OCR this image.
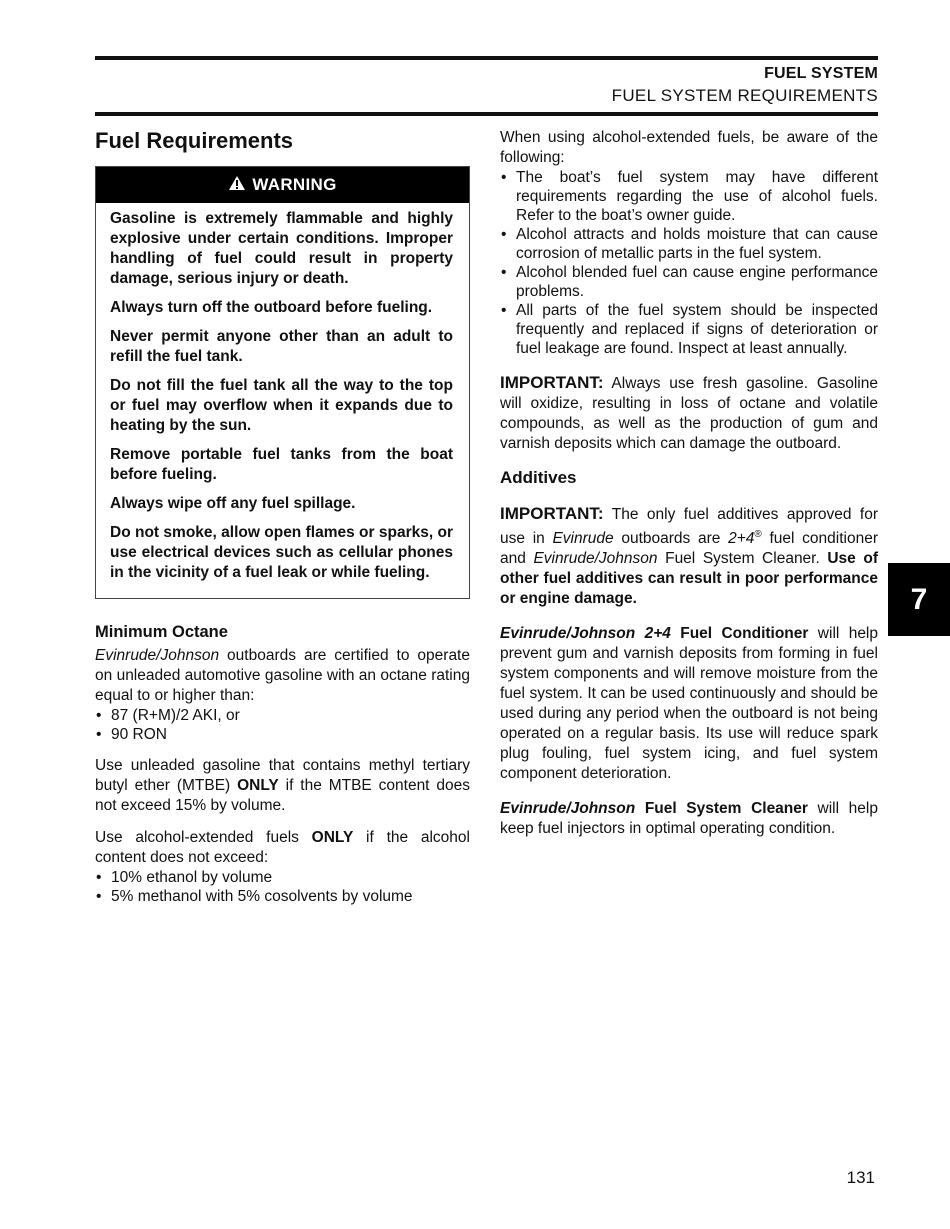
FUEL SYSTEM
FUEL SYSTEM REQUIREMENTS
Fuel Requirements
WARNING

Gasoline is extremely flammable and highly explosive under certain conditions. Improper handling of fuel could result in property damage, serious injury or death.

Always turn off the outboard before fueling.

Never permit anyone other than an adult to refill the fuel tank.

Do not fill the fuel tank all the way to the top or fuel may overflow when it expands due to heating by the sun.

Remove portable fuel tanks from the boat before fueling.

Always wipe off any fuel spillage.

Do not smoke, allow open flames or sparks, or use electrical devices such as cellular phones in the vicinity of a fuel leak or while fueling.

Minimum Octane

Evinrude/Johnson outboards are certified to operate on unleaded automotive gasoline with an octane rating equal to or higher than:

• 87 (R+M)/2 AKI, or
• 90 RON

Use unleaded gasoline that contains methyl tertiary butyl ether (MTBE) ONLY if the MTBE content does not exceed 15% by volume.

Use alcohol-extended fuels ONLY if the alcohol content does not exceed:

• 10% ethanol by volume
• 5% methanol with 5% cosolvents by volume

When using alcohol-extended fuels, be aware of the following:

• The boat’s fuel system may have different requirements regarding the use of alcohol fuels. Refer to the boat’s owner guide.
• Alcohol attracts and holds moisture that can cause corrosion of metallic parts in the fuel system.
• Alcohol blended fuel can cause engine performance problems.
• All parts of the fuel system should be inspected frequently and replaced if signs of deterioration or fuel leakage are found. Inspect at least annually.

IMPORTANT: Always use fresh gasoline. Gasoline will oxidize, resulting in loss of octane and volatile compounds, as well as the production of gum and varnish deposits which can damage the outboard.

Additives

IMPORTANT: The only fuel additives approved for use in Evinrude outboards are 2+4® fuel conditioner and Evinrude/Johnson Fuel System Cleaner. Use of other fuel additives can result in poor performance or engine damage.

Evinrude/Johnson 2+4 Fuel Conditioner will help prevent gum and varnish deposits from forming in fuel system components and will remove moisture from the fuel system. It can be used continuously and should be used during any period when the outboard is not being operated on a regular basis. Its use will reduce spark plug fouling, fuel system icing, and fuel system component deterioration.

Evinrude/Johnson Fuel System Cleaner will help keep fuel injectors in optimal operating condition.

7
131
